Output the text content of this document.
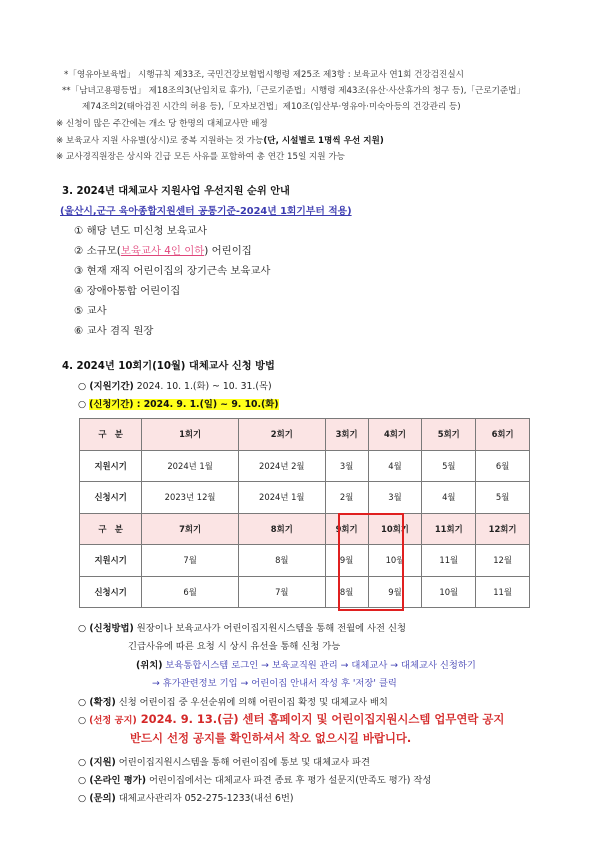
*「영유아보육법」 시행규칙 제33조, 국민건강보험법시행령 제25조 제3항 : 보육교사 연1회 건강검진실시
**「남녀고용평등법」 제18조의3(난임치료 휴가),「근로기준법」시행령 제43조(유산·사산휴가의 청구 등),「근로기준법」
제74조의2(태아검진 시간의 허용 등),「모자보건법」제10조(임산부·영유아·미숙아등의 건강관리 등)
※ 신청이 많은 주간에는 개소 당 한명의 대체교사만 배정
※ 보육교사 지원 사유별(상시)로 중복 지원하는 것 가능(단, 시설별로 1명씩 우선 지원)
※ 교사경직원장은 상시와 긴급 모든 사유를 포함하여 총 연간 15일 지원 가능
3. 2024년 대체교사 지원사업 우선지원 순위 안내
(울산시,군구 육아종합지원센터 공통기준-2024년 1회기부터 적용)
① 해당 년도 미신청 보육교사
② 소규모(보육교사 4인 이하) 어린이집
③ 현재 재직 어린이집의 장기근속 보육교사
④ 장애아통합 어린이집
⑤ 교사
⑥ 교사 겸직 원장
4. 2024년 10회기(10월) 대체교사 신청 방법
○ (지원기간) 2024. 10. 1.(화) ~ 10. 31.(목)
○ (신청기간) : 2024. 9. 1.(일) ~ 9. 10.(화)
구　분	1회기	2회기	3회기	4회기	5회기	6회기
지원시기	2024년 1월	2024년 2월	3월	4월	5월	6월
신청시기	2023년 12월	2024년 1월	2월	3월	4월	5월
구　분	7회기	8회기	9회기	10회기	11회기	12회기
지원시기	7월	8월	9월	10월	11월	12월
신청시기	6월	7월	8월	9월	10월	11월
○ (신청방법) 원장이나 보육교사가 어린이집지원시스템을 통해 전월에 사전 신청
긴급사유에 따른 요청 시 상시 유선을 통해 신청 가능
(위치) 보육통합시스템 로그인 → 보육교직원 관리 → 대체교사 → 대체교사 신청하기
→ 휴가관련정보 기입 → 어린이집 안내서 작성 후 '저장' 클릭
○ (확정) 신청 어린이집 중 우선순위에 의해 어린이집 확정 및 대체교사 배치
○ (선정 공지) 2024. 9. 13.(금) 센터 홈페이지 및 어린이집지원시스템 업무연락 공지
반드시 선정 공지를 확인하셔서 착오 없으시길 바랍니다.
○ (지원) 어린이집지원시스템을 통해 어린이집에 통보 및 대체교사 파견
○ (온라인 평가) 어린이집에서는 대체교사 파견 종료 후 평가 설문지(만족도 평가) 작성
○ (문의) 대체교사관리자 052-275-1233(내선 6번)
